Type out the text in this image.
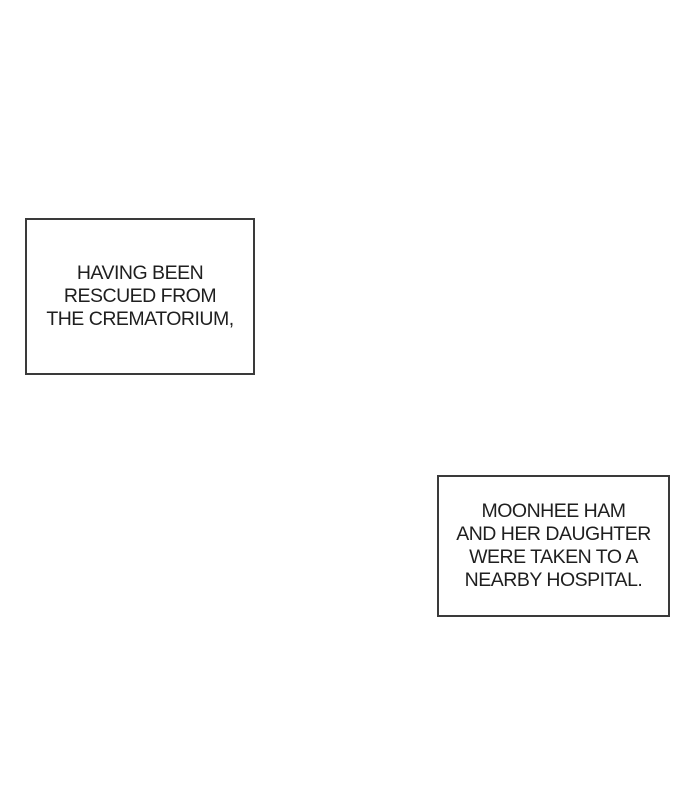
HAVING BEEN
RESCUED FROM
THE CREMATORIUM,
MOONHEE HAM
AND HER DAUGHTER
WERE TAKEN TO A
NEARBY HOSPITAL.
